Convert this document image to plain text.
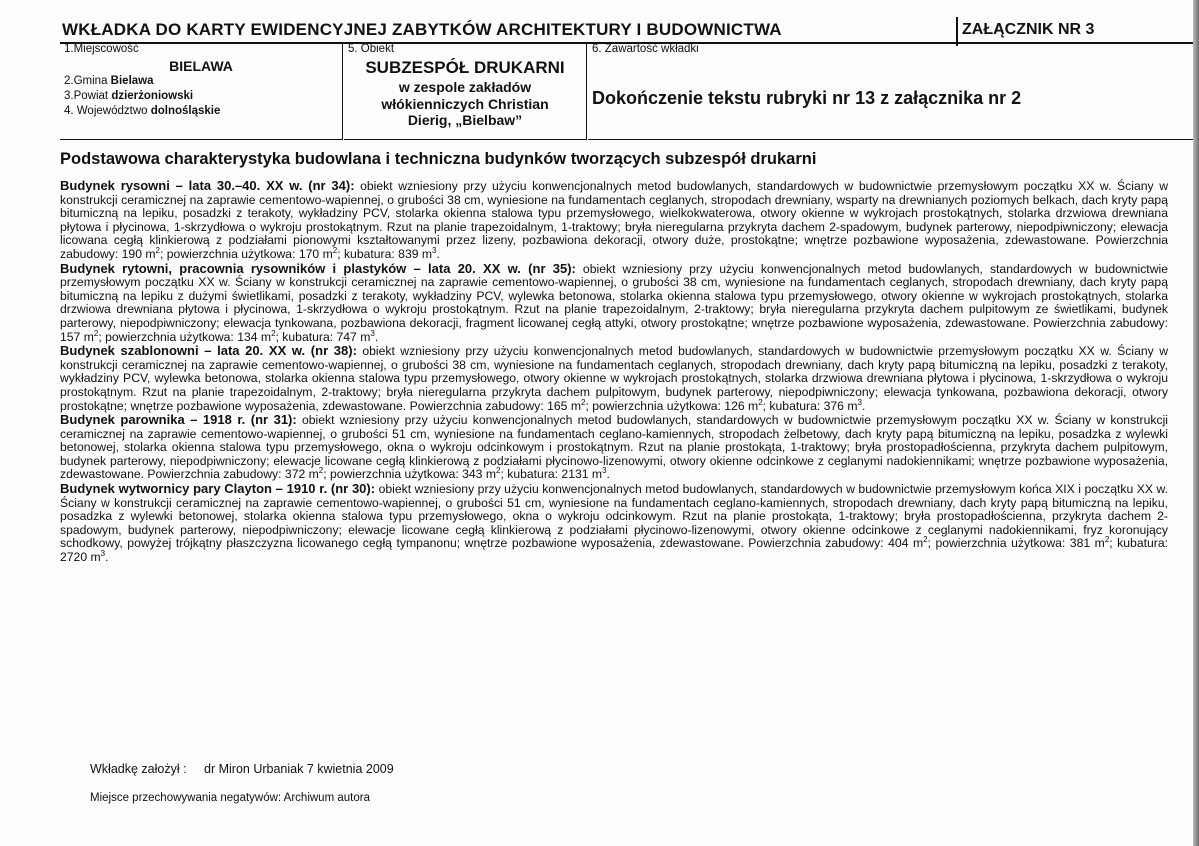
WKŁADKA DO KARTY EWIDENCYJNEJ ZABYTKÓW ARCHITEKTURY I BUDOWNICTWA	ZAŁĄCZNIK NR 3
1.Miejscowość
BIELAWA
2.Gmina Bielawa
3.Powiat dzierżoniowski
4. Województwo dolnośląskie
5. Obiekt
SUBZESPÓŁ DRUKARNI
w zespole zakładów
włókienniczych Christian
Dierig, „Bielbaw”
6. Zawartość wkładki
Dokończenie tekstu rubryki nr 13 z załącznika nr 2
Podstawowa charakterystyka budowlana i techniczna budynków tworzących subzespół drukarni

Budynek rysowni – lata 30.–40. XX w. (nr 34): obiekt wzniesiony przy użyciu konwencjonalnych metod budowlanych, standardowych w budownictwie przemysłowym początku XX w. Ściany w konstrukcji ceramicznej na zaprawie cementowo-wapiennej, o grubości 38 cm, wyniesione na fundamentach ceglanych, stropodach drewniany, wsparty na drewnianych poziomych belkach, dach kryty papą bitumiczną na lepiku, posadzki z terakoty, wykładziny PCV, stolarka okienna stalowa typu przemysłowego, wielkokwaterowa, otwory okienne w wykrojach prostokątnych, stolarka drzwiowa drewniana płytowa i płycinowa, 1-skrzydłowa o wykroju prostokątnym. Rzut na planie trapezoidalnym, 1-traktowy; bryła nieregularna przykryta dachem 2-spadowym, budynek parterowy, niepodpiwniczony; elewacja licowana cegłą klinkierową z podziałami pionowymi kształtowanymi przez lizeny, pozbawiona dekoracji, otwory duże, prostokątne; wnętrze pozbawione wyposażenia, zdewastowane. Powierzchnia zabudowy: 190 $m^2$; powierzchnia użytkowa: 170 $m^2$; kubatura: 839 $m^3$.

Budynek rytowni, pracownia rysowników i plastyków – lata 20. XX w. (nr 35): obiekt wzniesiony przy użyciu konwencjonalnych metod budowlanych, standardowych w budownictwie przemysłowym początku XX w. Ściany w konstrukcji ceramicznej na zaprawie cementowo-wapiennej, o grubości 38 cm, wyniesione na fundamentach ceglanych, stropodach drewniany, dach kryty papą bitumiczną na lepiku z dużymi świetlikami, posadzki z terakoty, wykładziny PCV, wylewka betonowa, stolarka okienna stalowa typu przemysłowego, otwory okienne w wykrojach prostokątnych, stolarka drzwiowa drewniana płytowa i płycinowa, 1-skrzydłowa o wykroju prostokątnym. Rzut na planie trapezoidalnym, 2-traktowy; bryła nieregularna przykryta dachem pulpitowym ze świetlikami, budynek parterowy, niepodpiwniczony; elewacja tynkowana, pozbawiona dekoracji, fragment licowanej cegłą attyki, otwory prostokątne; wnętrze pozbawione wyposażenia, zdewastowane. Powierzchnia zabudowy: 157 $m^2$; powierzchnia użytkowa: 134 $m^2$; kubatura: 747 $m^3$.

Budynek szablonowni – lata 20. XX w. (nr 38): obiekt wzniesiony przy użyciu konwencjonalnych metod budowlanych, standardowych w budownictwie przemysłowym początku XX w. Ściany w konstrukcji ceramicznej na zaprawie cementowo-wapiennej, o grubości 38 cm, wyniesione na fundamentach ceglanych, stropodach drewniany, dach kryty papą bitumiczną na lepiku, posadzki z terakoty, wykładziny PCV, wylewka betonowa, stolarka okienna stalowa typu przemysłowego, otwory okienne w wykrojach prostokątnych, stolarka drzwiowa drewniana płytowa i płycinowa, 1-skrzydłowa o wykroju prostokątnym. Rzut na planie trapezoidalnym, 2-traktowy; bryła nieregularna przykryta dachem pulpitowym, budynek parterowy, niepodpiwniczony; elewacja tynkowana, pozbawiona dekoracji, otwory prostokątne; wnętrze pozbawione wyposażenia, zdewastowane. Powierzchnia zabudowy: 165 $m^2$; powierzchnia użytkowa: 126 $m^2$; kubatura: 376 $m^3$.

Budynek parownika – 1918 r. (nr 31): obiekt wzniesiony przy użyciu konwencjonalnych metod budowlanych, standardowych w budownictwie przemysłowym początku XX w. Ściany w konstrukcji ceramicznej na zaprawie cementowo-wapiennej, o grubości 51 cm, wyniesione na fundamentach ceglano-kamiennych, stropodach żelbetowy, dach kryty papą bitumiczną na lepiku, posadzka z wylewki betonowej, stolarka okienna stalowa typu przemysłowego, okna o wykroju odcinkowym i prostokątnym. Rzut na planie prostokąta, 1-traktowy; bryła prostopadłościenna, przykryta dachem pulpitowym, budynek parterowy, niepodpiwniczony; elewacje licowane cegłą klinkierową z podziałami płycinowo-lizenowymi, otwory okienne odcinkowe z ceglanymi nadokiennikami; wnętrze pozbawione wyposażenia, zdewastowane. Powierzchnia zabudowy: 372 $m^2$; powierzchnia użytkowa: 343 $m^2$; kubatura: 2131 $m^3$.

Budynek wytwornicy pary Clayton – 1910 r. (nr 30): obiekt wzniesiony przy użyciu konwencjonalnych metod budowlanych, standardowych w budownictwie przemysłowym końca XIX i początku XX w. Ściany w konstrukcji ceramicznej na zaprawie cementowo-wapiennej, o grubości 51 cm, wyniesione na fundamentach ceglano-kamiennych, stropodach drewniany, dach kryty papą bitumiczną na lepiku, posadzka z wylewki betonowej, stolarka okienna stalowa typu przemysłowego, okna o wykroju odcinkowym. Rzut na planie prostokąta, 1-traktowy; bryła prostopadłościenna, przykryta dachem 2-spadowym, budynek parterowy, niepodpiwniczony; elewacje licowane cegłą klinkierową z podziałami płycinowo-lizenowymi, otwory okienne odcinkowe z ceglanymi nadokiennikami, fryz koronujący schodkowy, powyżej trójkątny płaszczyzna licowanego cegłą tympanonu; wnętrze pozbawione wyposażenia, zdewastowane. Powierzchnia zabudowy: 404 $m^2$; powierzchnia użytkowa: 381 $m^2$; kubatura: 2720 $m^3$.

Wkładkę założył : dr Miron Urbaniak 7 kwietnia 2009
Miejsce przechowywania negatywów: Archiwum autora
